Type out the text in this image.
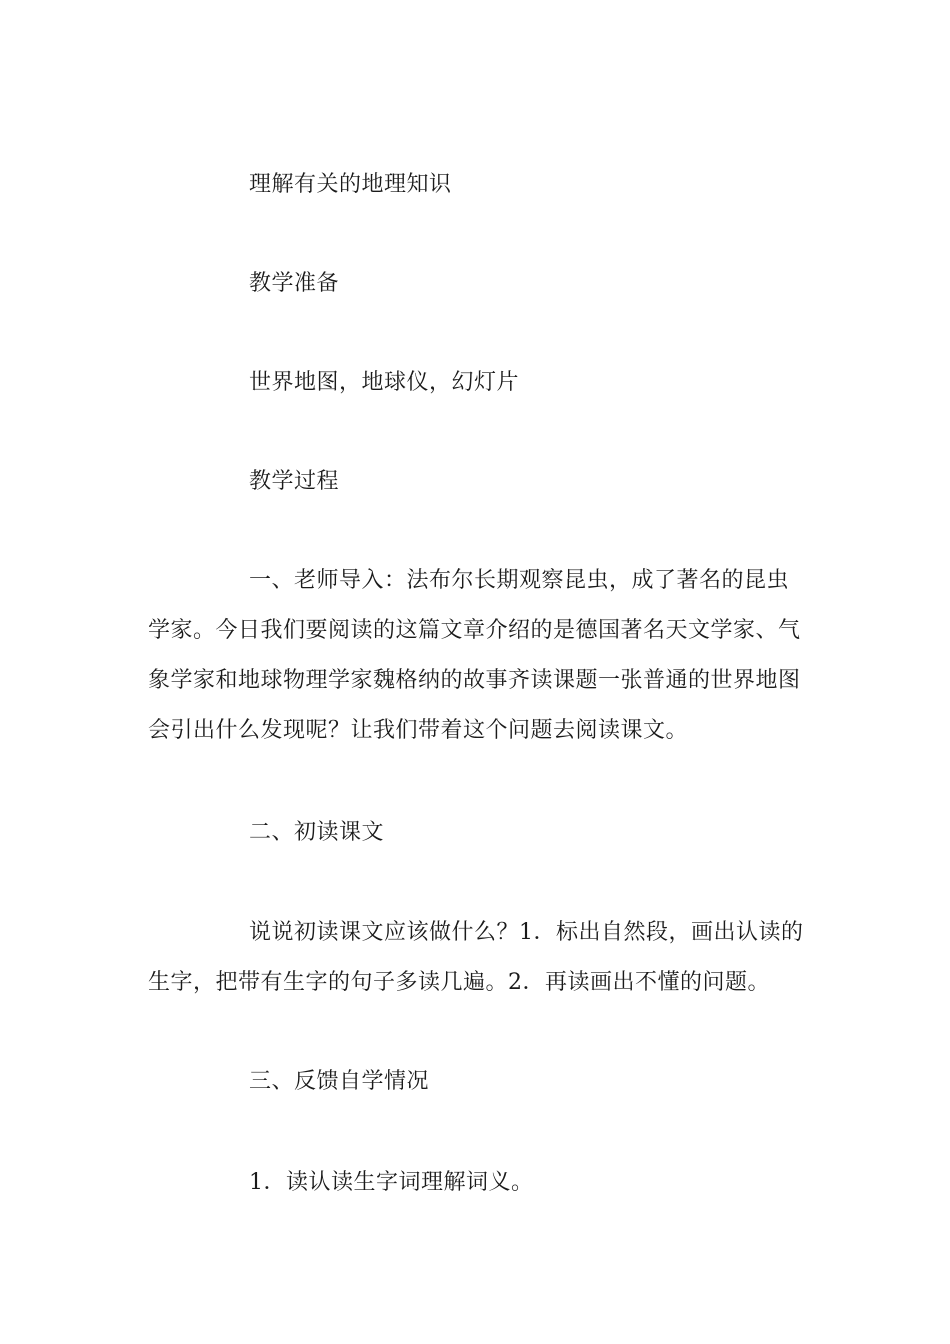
理解有关的地理知识

教学准备

世界地图，地球仪，幻灯片

教学过程

一、老师导入：法布尔长期观察昆虫，成了著名的昆虫学家。今日我们要阅读的这篇文章介绍的是德国著名天文学家、气象学家和地球物理学家魏格纳的故事齐读课题一张普通的世界地图会引出什么发现呢？让我们带着这个问题去阅读课文。

二、初读课文

说说初读课文应该做什么？1．标出自然段，画出认读的生字，把带有生字的句子多读几遍。2．再读画出不懂的问题。

三、反馈自学情况

1．读认读生字词理解词义。
